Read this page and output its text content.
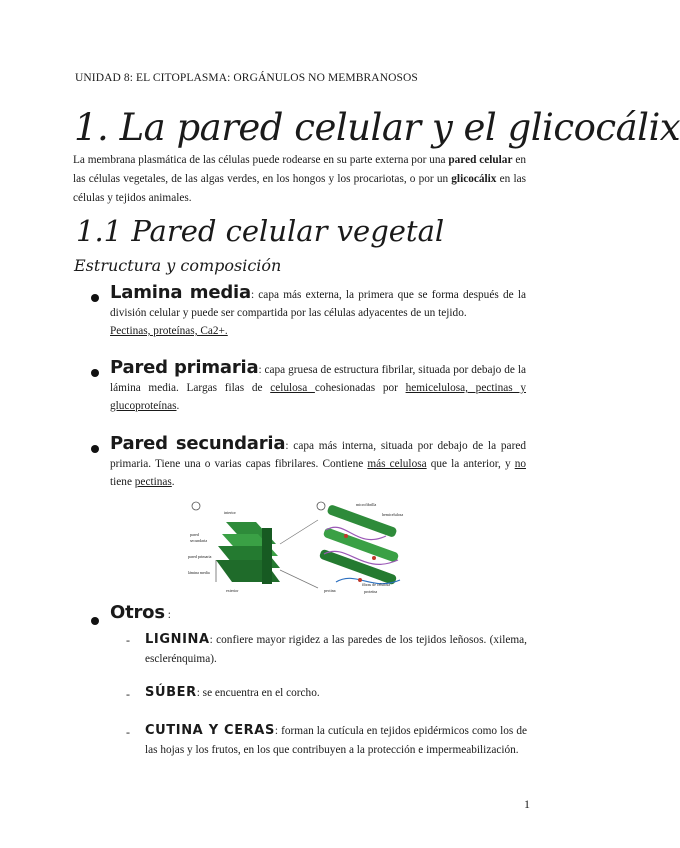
UNIDAD 8: EL CITOPLASMA: ORGÁNULOS NO MEMBRANOSOS
1. La pared celular y el glicocálix
La membrana plasmática de las células puede rodearse en su parte externa por una pared celular en las células vegetales, de las algas verdes, en los hongos y los procariotas, o por un glicocálix en las células y tejidos animales.
1.1 Pared celular vegetal
Estructura y composición
Lamina media: capa más externa, la primera que se forma después de la división celular y puede ser compartida por las células adyacentes de un tejido.
Pectinas, proteínas, Ca2+.
Pared primaria: capa gruesa de estructura fibrilar, situada por debajo de la lámina media. Largas filas de celulosa cohesionadas por hemicelulosa, pectinas y glucoproteínas.
Pared secundaria: capa más interna, situada por debajo de la pared primaria. Tiene una o varias capas fibrilares. Contiene más celulosa que la anterior, y no tiene pectinas.
interior
pared
secundaria
pared primaria
lámina media
exterior
microfibrilla
hemicelulosa
pectina
fibras de celulosa
proteína
Otros :
- LIGNINA: confiere mayor rigidez a las paredes de los tejidos leñosos. (xilema, esclerénquima).
- SÚBER: se encuentra en el corcho.
- CUTINA Y CERAS: forman la cutícula en tejidos epidérmicos como los de las hojas y los frutos, en los que contribuyen a la protección e impermeabilización.
1
